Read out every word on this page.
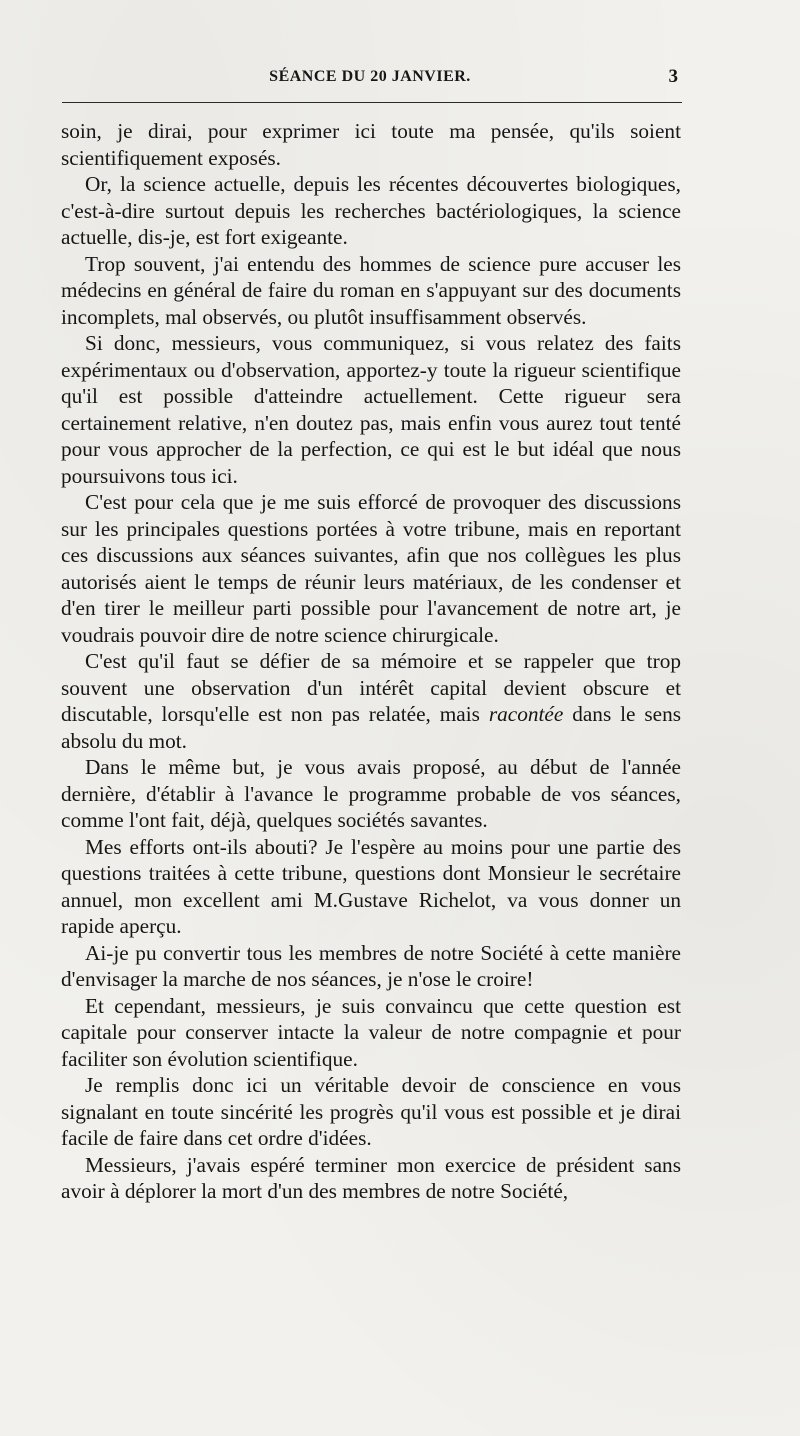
SÉANCE DU 20 JANVIER.	3

soin, je dirai, pour exprimer ici toute ma pensée, qu'ils soient scientifiquement exposés.

Or, la science actuelle, depuis les récentes découvertes biologiques, c'est-à-dire surtout depuis les recherches bactériologiques, la science actuelle, dis-je, est fort exigeante.

Trop souvent, j'ai entendu des hommes de science pure accuser les médecins en général de faire du roman en s'appuyant sur des documents incomplets, mal observés, ou plutôt insuffisamment observés.

Si donc, messieurs, vous communiquez, si vous relatez des faits expérimentaux ou d'observation, apportez-y toute la rigueur scientifique qu'il est possible d'atteindre actuellement. Cette rigueur sera certainement relative, n'en doutez pas, mais enfin vous aurez tout tenté pour vous approcher de la perfection, ce qui est le but idéal que nous poursuivons tous ici.

C'est pour cela que je me suis efforcé de provoquer des discussions sur les principales questions portées à votre tribune, mais en reportant ces discussions aux séances suivantes, afin que nos collègues les plus autorisés aient le temps de réunir leurs matériaux, de les condenser et d'en tirer le meilleur parti possible pour l'avancement de notre art, je voudrais pouvoir dire de notre science chirurgicale.

C'est qu'il faut se défier de sa mémoire et se rappeler que trop souvent une observation d'un intérêt capital devient obscure et discutable, lorsqu'elle est non pas relatée, mais racontée dans le sens absolu du mot.

Dans le même but, je vous avais proposé, au début de l'année dernière, d'établir à l'avance le programme probable de vos séances, comme l'ont fait, déjà, quelques sociétés savantes.

Mes efforts ont-ils abouti? Je l'espère au moins pour une partie des questions traitées à cette tribune, questions dont Monsieur le secrétaire annuel, mon excellent ami M.Gustave Richelot, va vous donner un rapide aperçu.

Ai-je pu convertir tous les membres de notre Société à cette manière d'envisager la marche de nos séances, je n'ose le croire!

Et cependant, messieurs, je suis convaincu que cette question est capitale pour conserver intacte la valeur de notre compagnie et pour faciliter son évolution scientifique.

Je remplis donc ici un véritable devoir de conscience en vous signalant en toute sincérité les progrès qu'il vous est possible et je dirai facile de faire dans cet ordre d'idées.

Messieurs, j'avais espéré terminer mon exercice de président sans avoir à déplorer la mort d'un des membres de notre Société,
